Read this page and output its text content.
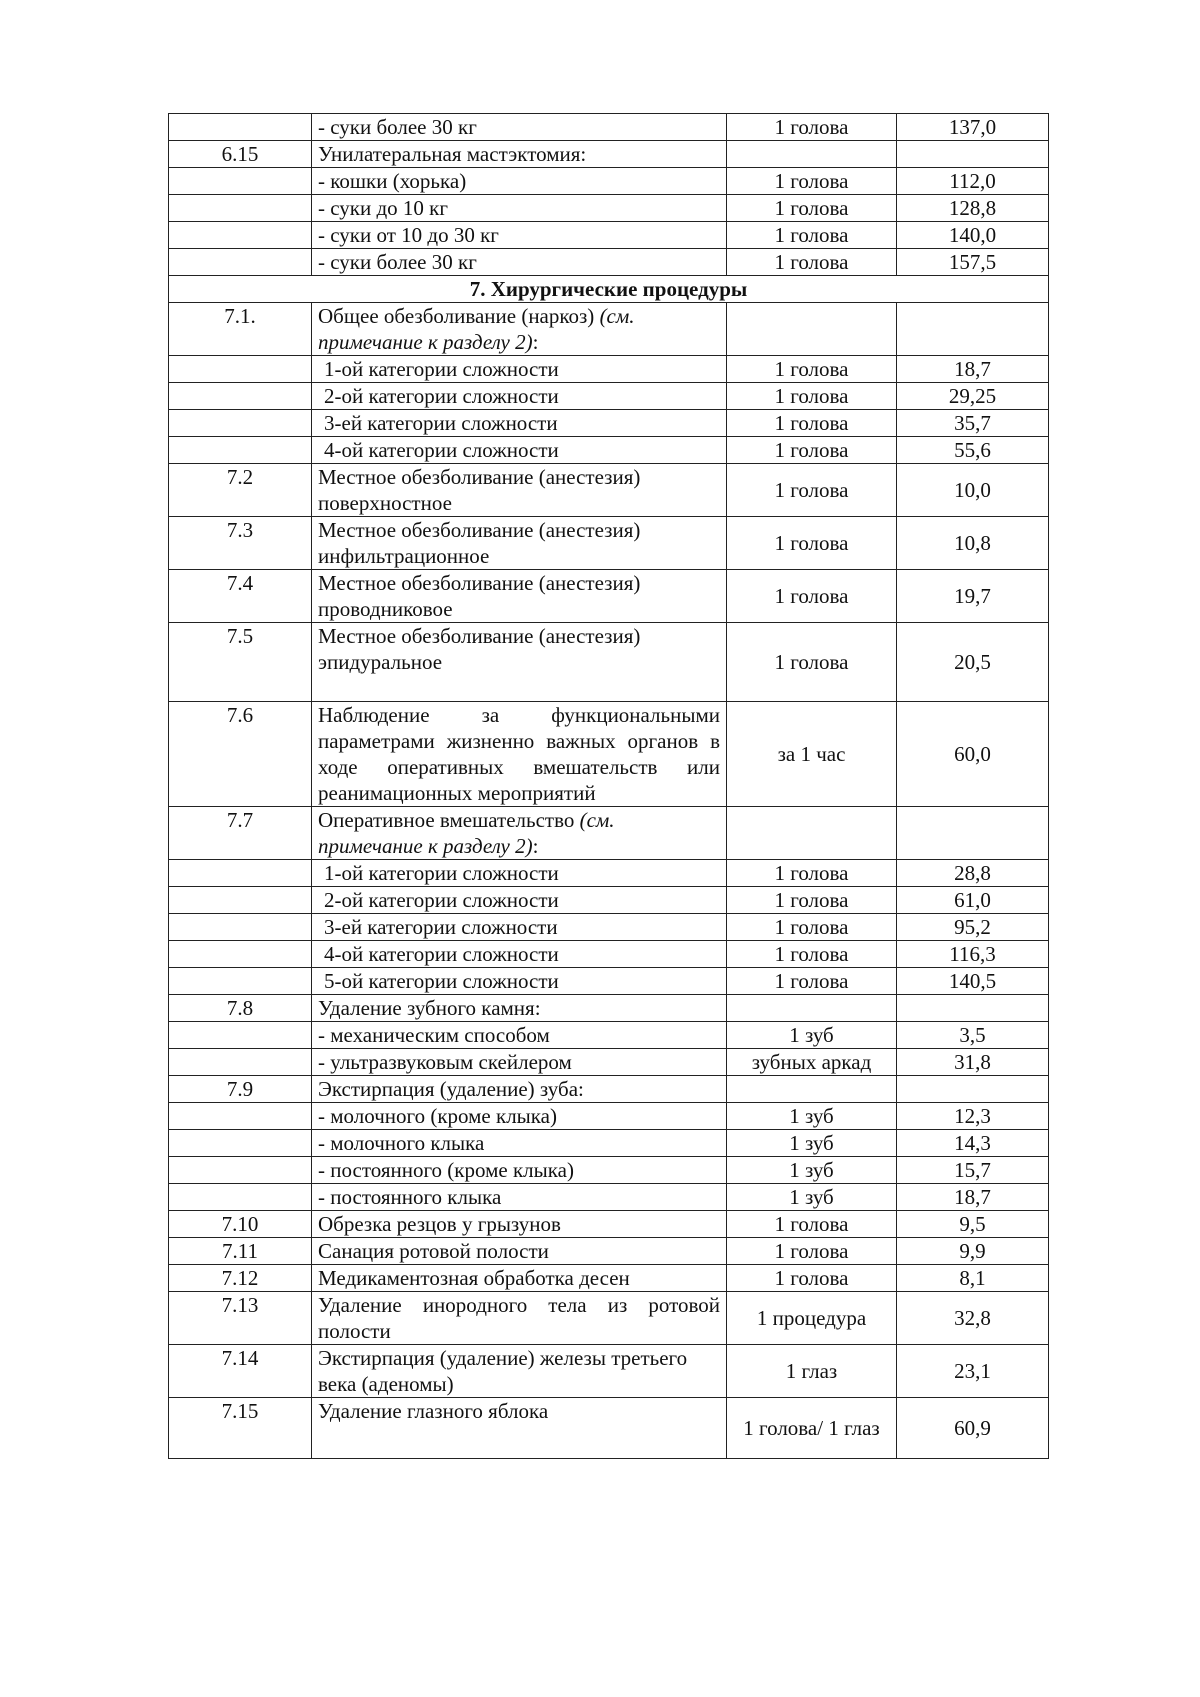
	- суки более 30 кг	1 голова	137,0
6.15	Унилатеральная мастэктомия:		
	- кошки (хорька)	1 голова	112,0
	- суки до 10 кг	1 голова	128,8
	- суки от 10 до 30 кг	1 голова	140,0
	- суки более 30 кг	1 голова	157,5
7. Хирургические процедуры			
7.1.	Общее обезболивание (наркоз) (см. примечание к разделу 2):		
	1-ой категории сложности	1 голова	18,7
	2-ой категории сложности	1 голова	29,25
	3-ей категории сложности	1 голова	35,7
	4-ой категории сложности	1 голова	55,6
7.2	Местное обезболивание (анестезия) поверхностное	1 голова	10,0
7.3	Местное обезболивание (анестезия) инфильтрационное	1 голова	10,8
7.4	Местное обезболивание (анестезия) проводниковое	1 голова	19,7
7.5	Местное обезболивание (анестезия) эпидуральное	1 голова	20,5
7.6	Наблюдение за функциональными параметрами жизненно важных органов в ходе оперативных вмешательств или реанимационных мероприятий	за 1 час	60,0
7.7	Оперативное вмешательство (см. примечание к разделу 2):		
	1-ой категории сложности	1 голова	28,8
	2-ой категории сложности	1 голова	61,0
	3-ей категории сложности	1 голова	95,2
	4-ой категории сложности	1 голова	116,3
	5-ой категории сложности	1 голова	140,5
7.8	Удаление зубного камня:		
	- механическим способом	1 зуб	3,5
	- ультразвуковым скейлером	зубных аркад	31,8
7.9	Экстирпация (удаление) зуба:		
	- молочного (кроме клыка)	1 зуб	12,3
	- молочного клыка	1 зуб	14,3
	- постоянного (кроме клыка)	1 зуб	15,7
	- постоянного клыка	1 зуб	18,7
7.10	Обрезка резцов у грызунов	1 голова	9,5
7.11	Санация ротовой полости	1 голова	9,9
7.12	Медикаментозная обработка десен	1 голова	8,1
7.13	Удаление инородного тела из ротовой полости	1 процедура	32,8
7.14	Экстирпация (удаление) железы третьего века (аденомы)	1 глаз	23,1
7.15	Удаление глазного яблока	1 голова/ 1 глаз	60,9
